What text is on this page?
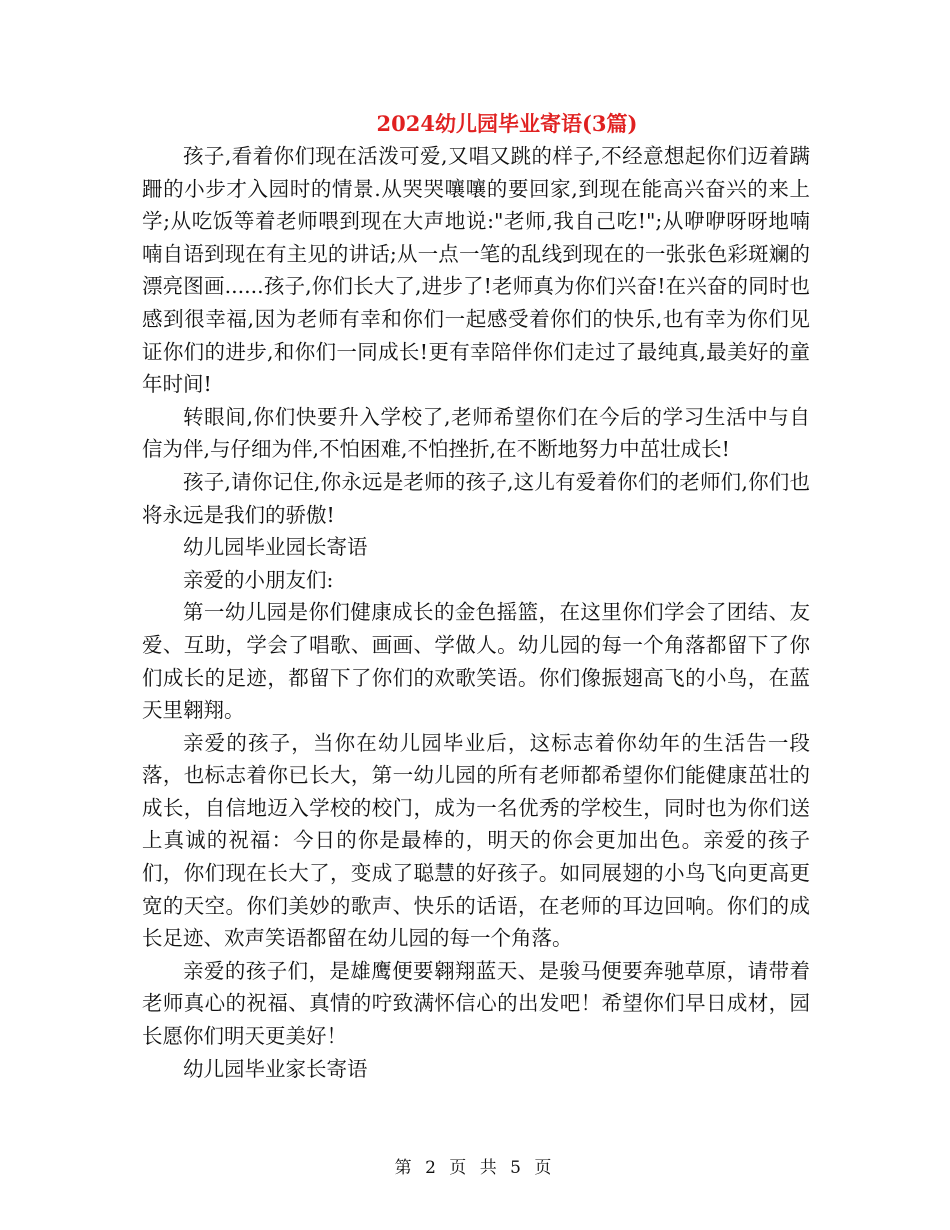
2024幼儿园毕业寄语(3篇)

孩子,看着你们现在活泼可爱,又唱又跳的样子,不经意想起你们迈着蹒跚的小步才入园时的情景.从哭哭嚷嚷的要回家,到现在能高兴奋兴的来上学;从吃饭等着老师喂到现在大声地说:"老师,我自己吃!";从咿咿呀呀地喃喃自语到现在有主见的讲话;从一点一笔的乱线到现在的一张张色彩斑斓的漂亮图画......孩子,你们长大了,进步了!老师真为你们兴奋!在兴奋的同时也感到很幸福,因为老师有幸和你们一起感受着你们的快乐,也有幸为你们见证你们的进步,和你们一同成长!更有幸陪伴你们走过了最纯真,最美好的童年时间!

转眼间,你们快要升入学校了,老师希望你们在今后的学习生活中与自信为伴,与仔细为伴,不怕困难,不怕挫折,在不断地努力中茁壮成长!

孩子,请你记住,你永远是老师的孩子,这儿有爱着你们的老师们,你们也将永远是我们的骄傲!

幼儿园毕业园长寄语

亲爱的小朋友们:

第一幼儿园是你们健康成长的金色摇篮，在这里你们学会了团结、友爱、互助，学会了唱歌、画画、学做人。幼儿园的每一个角落都留下了你们成长的足迹，都留下了你们的欢歌笑语。你们像振翅高飞的小鸟，在蓝天里翱翔。

亲爱的孩子，当你在幼儿园毕业后，这标志着你幼年的生活告一段落，也标志着你已长大，第一幼儿园的所有老师都希望你们能健康茁壮的成长，自信地迈入学校的校门，成为一名优秀的学校生，同时也为你们送上真诚的祝福：今日的你是最棒的，明天的你会更加出色。亲爱的孩子们，你们现在长大了，变成了聪慧的好孩子。如同展翅的小鸟飞向更高更宽的天空。你们美妙的歌声、快乐的话语，在老师的耳边回响。你们的成长足迹、欢声笑语都留在幼儿园的每一个角落。

亲爱的孩子们，是雄鹰便要翱翔蓝天、是骏马便要奔驰草原，请带着老师真心的祝福、真情的咛致满怀信心的出发吧！希望你们早日成材，园长愿你们明天更美好！

幼儿园毕业家长寄语

第 2 页 共 5 页
